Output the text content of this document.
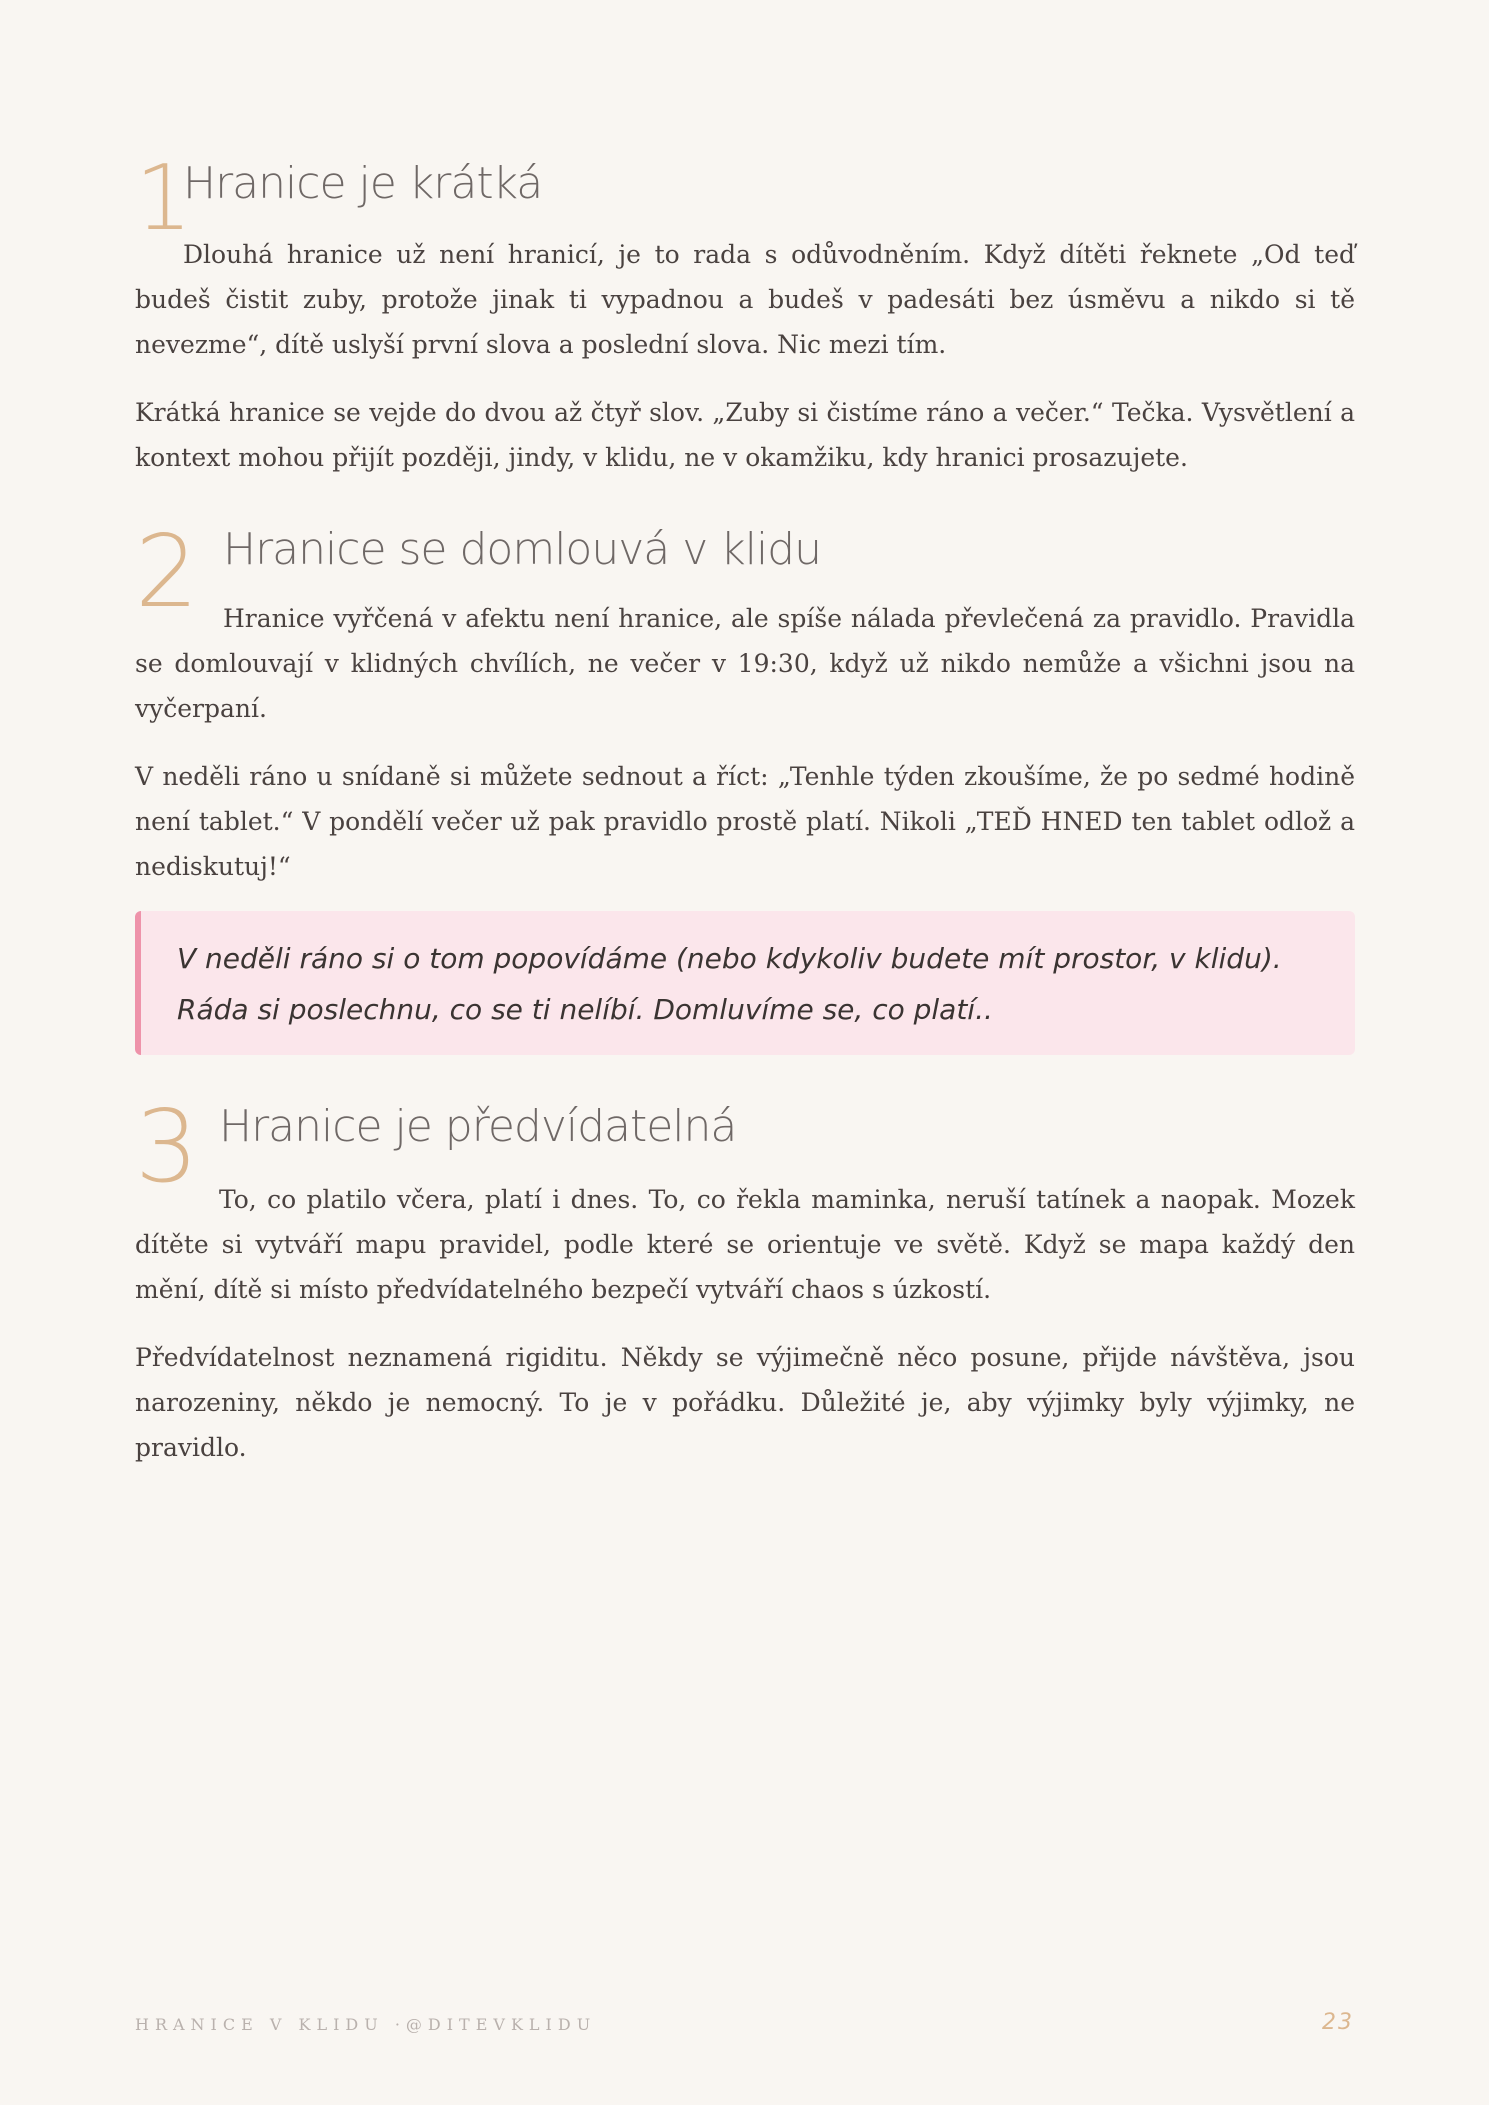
1
Hranice je krátká

Dlouhá hranice už není hranicí, je to rada s odůvodněním. Když dítěti řeknete „Od teď budeš čistit zuby, protože jinak ti vypadnou a budeš v padesáti bez úsměvu a nikdo si tě nevezme“, dítě uslyší první slova a poslední slova. Nic mezi tím.

Krátká hranice se vejde do dvou až čtyř slov. „Zuby si čistíme ráno a večer.“ Tečka. Vysvětlení a kontext mohou přijít později, jindy, v klidu, ne v okamžiku, kdy hranici prosazujete.

2 Hranice se domlouvá v klidu

Hranice vyřčená v afektu není hranice, ale spíše nálada převlečená za pravidlo. Pravidla se domlouvají v klidných chvílích, ne večer v 19:30, když už nikdo nemůže a všichni jsou na vyčerpaní.

V neděli ráno u snídaně si můžete sednout a říct: „Tenhle týden zkoušíme, že po sedmé hodině není tablet.“ V pondělí večer už pak pravidlo prostě platí. Nikoli „TEĎ HNED ten tablet odlož a nediskutuj!“

V neděli ráno si o tom popovídáme (nebo kdykoliv budete mít prostor, v klidu). Ráda si poslechnu, co se ti nelíbí. Domluvíme se, co platí..
3 Hranice je předvídatelná

To, co platilo včera, platí i dnes. To, co řekla maminka, neruší tatínek a naopak. Mozek dítěte si vytváří mapu pravidel, podle které se orientuje ve světě. Když se mapa každý den mění, dítě si místo předvídatelného bezpečí vytváří chaos s úzkostí.

Předvídatelnost neznamená rigiditu. Někdy se výjimečně něco posune, přijde návštěva, jsou narozeniny, někdo je nemocný. To je v pořádku. Důležité je, aby výjimky byly výjimky, ne pravidlo.

HRANICE V KLIDU ·@DITEVKLIDU	23
